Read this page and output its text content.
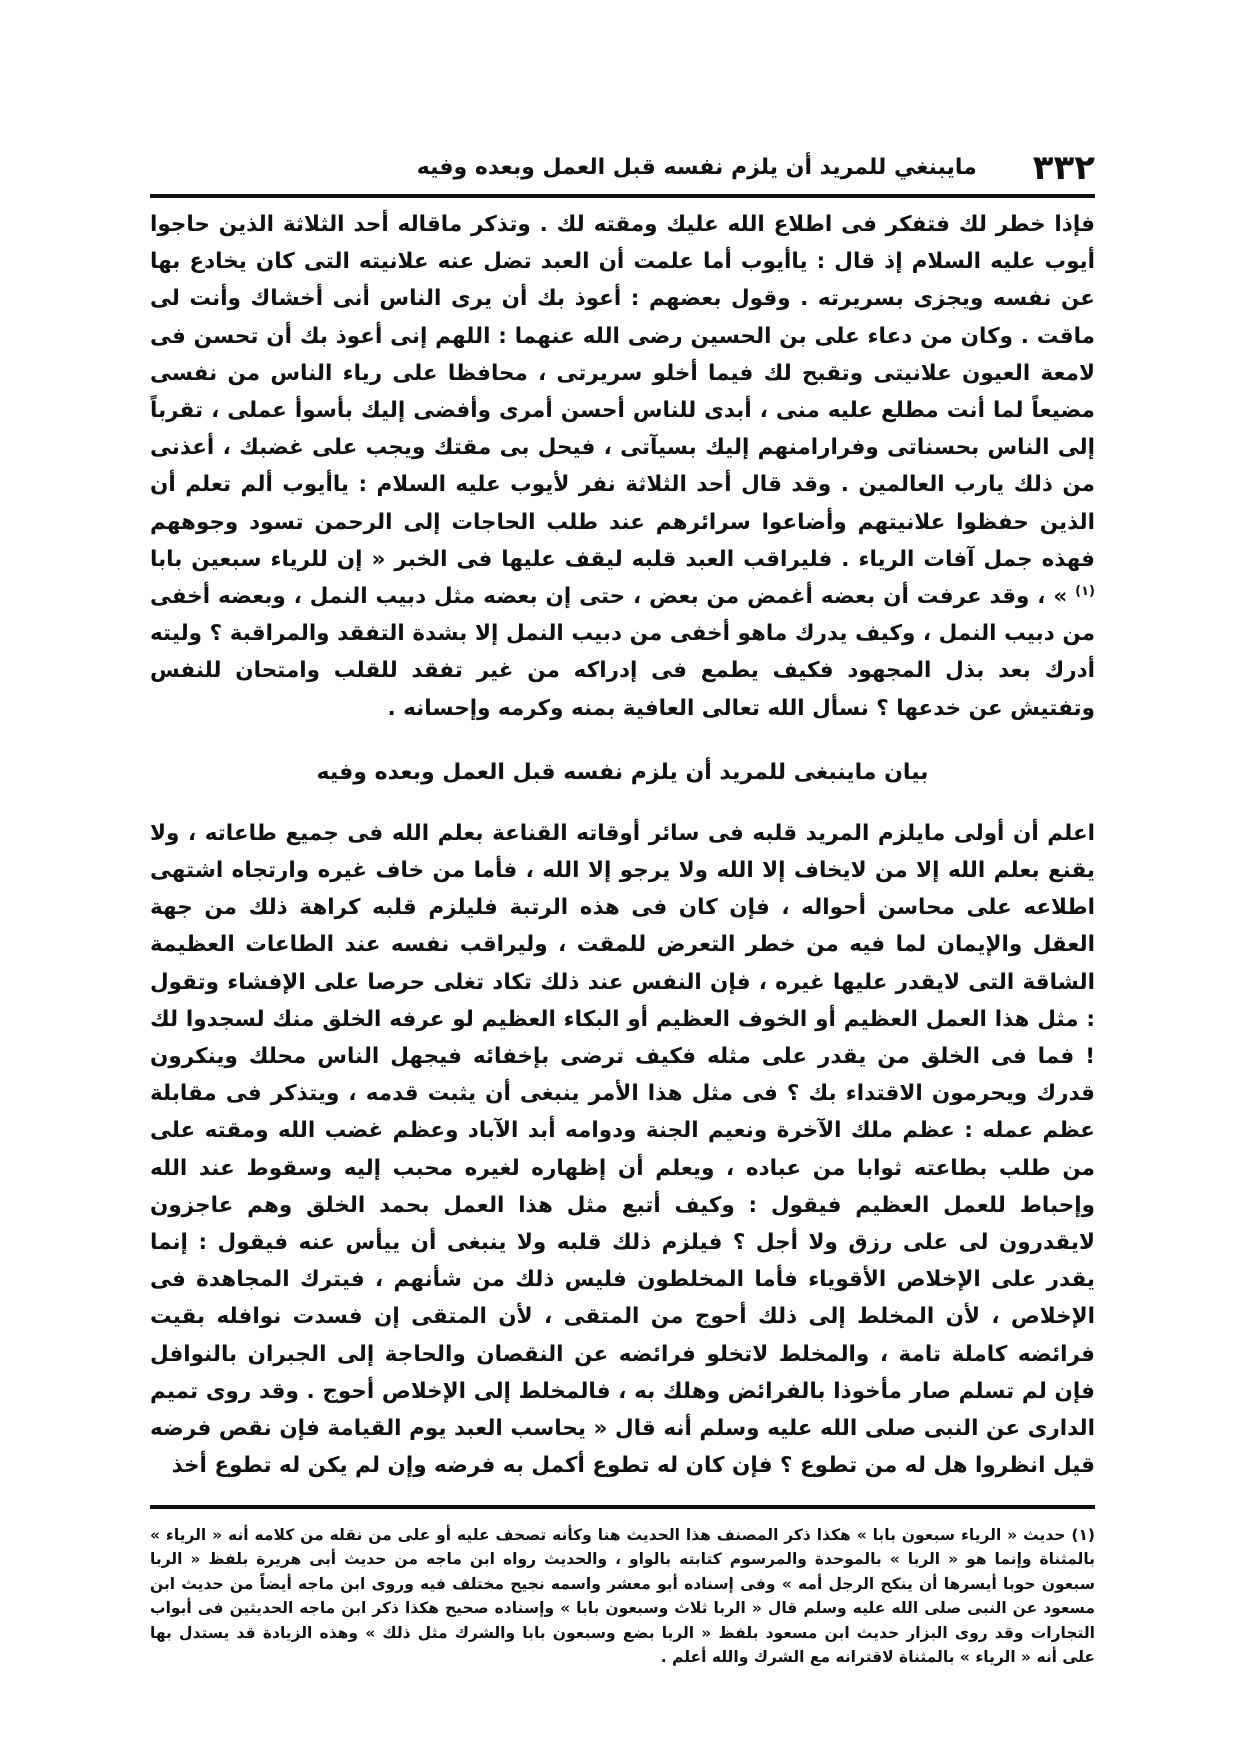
٣٣٢
مايبنغي للمريد أن يلزم نفسه قبل العمل وبعده وفيه

فإذا خطر لك فتفكر فى اطلاع الله عليك ومقته لك . وتذكر ماقاله أحد الثلاثة الذين حاجوا أيوب عليه السلام إذ قال : ياأيوب أما علمت أن العبد تضل عنه علانيته التى كان يخادع بها عن نفسه ويجزى بسريرته . وقول بعضهم : أعوذ بك أن يرى الناس أنى أخشاك وأنت لى ماقت . وكان من دعاء على بن الحسين رضى الله عنهما : اللهم إنى أعوذ بك أن تحسن فى لامعة العيون علانيتى وتقبح لك فيما أخلو سريرتى ، محافظا على رياء الناس من نفسى مضيعاً لما أنت مطلع عليه منى ، أبدى للناس أحسن أمرى وأفضى إليك بأسوأ عملى ، تقرباً إلى الناس بحسناتى وفرارامنهم إليك بسيآتى ، فيحل بى مقتك ويجب على غضبك ، أعذنى من ذلك يارب العالمين . وقد قال أحد الثلاثة نفر لأيوب عليه السلام : ياأيوب ألم تعلم أن الذين حفظوا علانيتهم وأضاعوا سرائرهم عند طلب الحاجات إلى الرحمن تسود وجوههم فهذه جمل آفات الرياء . فليراقب العبد قلبه ليقف عليها فى الخبر « إن للرياء سبعين بابا $^{(١)}$ » ، وقد عرفت أن بعضه أغمض من بعض ، حتى إن بعضه مثل دبيب النمل ، وبعضه أخفى من دبيب النمل ، وكيف يدرك ماهو أخفى من دبيب النمل إلا بشدة التفقد والمراقبة ؟ وليته أدرك بعد بذل المجهود فكيف يطمع فى إدراكه من غير تفقد للقلب وامتحان للنفس وتفتيش عن خدعها ؟ نسأل الله تعالى العافية بمنه وكرمه وإحسانه .

بيان ماينبغى للمريد أن يلزم نفسه قبل العمل وبعده وفيه

اعلم أن أولى مايلزم المريد قلبه فى سائر أوقاته القناعة بعلم الله فى جميع طاعاته ، ولا يقنع بعلم الله إلا من لايخاف إلا الله ولا يرجو إلا الله ، فأما من خاف غيره وارتجاه اشتهى اطلاعه على محاسن أحواله ، فإن كان فى هذه الرتبة فليلزم قلبه كراهة ذلك من جهة العقل والإيمان لما فيه من خطر التعرض للمقت ، وليراقب نفسه عند الطاعات العظيمة الشاقة التى لايقدر عليها غيره ، فإن النفس عند ذلك تكاد تغلى حرصا على الإفشاء وتقول : مثل هذا العمل العظيم أو الخوف العظيم أو البكاء العظيم لو عرفه الخلق منك لسجدوا لك ! فما فى الخلق من يقدر على مثله فكيف ترضى بإخفائه فيجهل الناس محلك وينكرون قدرك ويحرمون الاقتداء بك ؟ فى مثل هذا الأمر ينبغى أن يثبت قدمه ، ويتذكر فى مقابلة عظم عمله : عظم ملك الآخرة ونعيم الجنة ودوامه أبد الآباد وعظم غضب الله ومقته على من طلب بطاعته ثوابا من عباده ، ويعلم أن إظهاره لغيره محبب إليه وسقوط عند الله وإحباط للعمل العظيم فيقول : وكيف أتبع مثل هذا العمل بحمد الخلق وهم عاجزون لايقدرون لى على رزق ولا أجل ؟ فيلزم ذلك قلبه ولا ينبغى أن ييأس عنه فيقول : إنما يقدر على الإخلاص الأقوياء فأما المخلطون فليس ذلك من شأنهم ، فيترك المجاهدة فى الإخلاص ، لأن المخلط إلى ذلك أحوج من المتقى ، لأن المتقى إن فسدت نوافله بقيت فرائضه كاملة تامة ، والمخلط لاتخلو فرائضه عن النقصان والحاجة إلى الجبران بالنوافل فإن لم تسلم صار مأخوذا بالفرائض وهلك به ، فالمخلط إلى الإخلاص أحوج . وقد روى تميم الدارى عن النبى صلى الله عليه وسلم أنه قال « يحاسب العبد يوم القيامة فإن نقص فرضه قيل انظروا هل له من تطوع ؟ فإن كان له تطوع أكمل به فرضه وإن لم يكن له تطوع أخذ

(١) حديث « الرياء سبعون بابا » هكذا ذكر المصنف هذا الحديث هنا وكأنه تصحف عليه أو على من نقله من كلامه أنه « الرياء » بالمثناة وإنما هو « الربا » بالموحدة والمرسوم كتابته بالواو ، والحديث رواه ابن ماجه من حديث أبى هريرة بلفظ « الربا سبعون حوبا أيسرها أن ينكح الرجل أمه » وفى إسناده أبو معشر واسمه نجيح مختلف فيه وروى ابن ماجه أيضاً من حديث ابن مسعود عن النبى صلى الله عليه وسلم قال « الربا ثلاث وسبعون بابا » وإسناده صحيح هكذا ذكر ابن ماجه الحديثين فى أبواب التجارات وقد روى البزار حديث ابن مسعود بلفظ « الربا بضع وسبعون بابا والشرك مثل ذلك » وهذه الزيادة قد يستدل بها على أنه « الرياء » بالمثناة لاقترانه مع الشرك والله أعلم .
